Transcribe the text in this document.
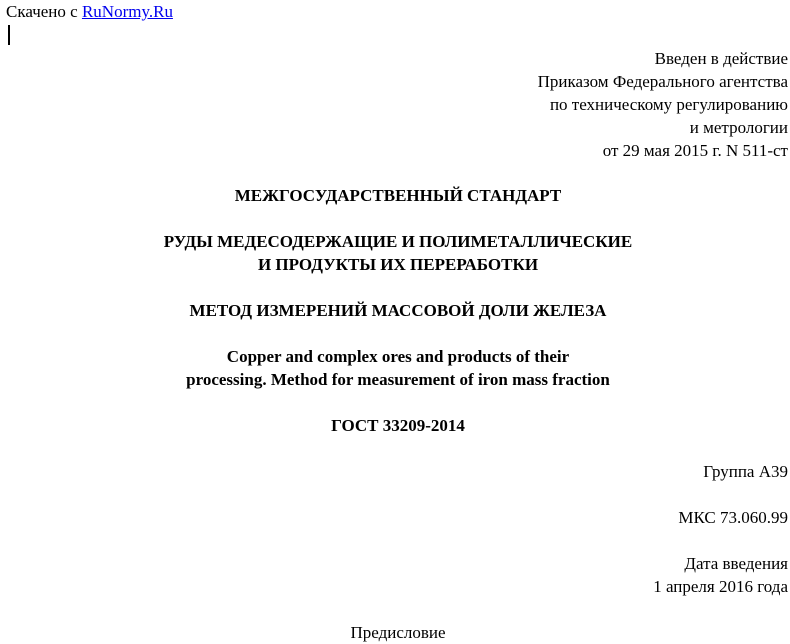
Скачено с RuNormy.Ru
Введен в действие
Приказом Федерального агентства
по техническому регулированию
и метрологии
от 29 мая 2015 г. N 511-ст
МЕЖГОСУДАРСТВЕННЫЙ СТАНДАРТ
РУДЫ МЕДЕСОДЕРЖАЩИЕ И ПОЛИМЕТАЛЛИЧЕСКИЕ
И ПРОДУКТЫ ИХ ПЕРЕРАБОТКИ
МЕТОД ИЗМЕРЕНИЙ МАССОВОЙ ДОЛИ ЖЕЛЕЗА
Copper and complex ores and products of their
processing. Method for measurement of iron mass fraction
ГОСТ 33209-2014
Группа А39
МКС 73.060.99
Дата введения
1 апреля 2016 года
Предисловие
